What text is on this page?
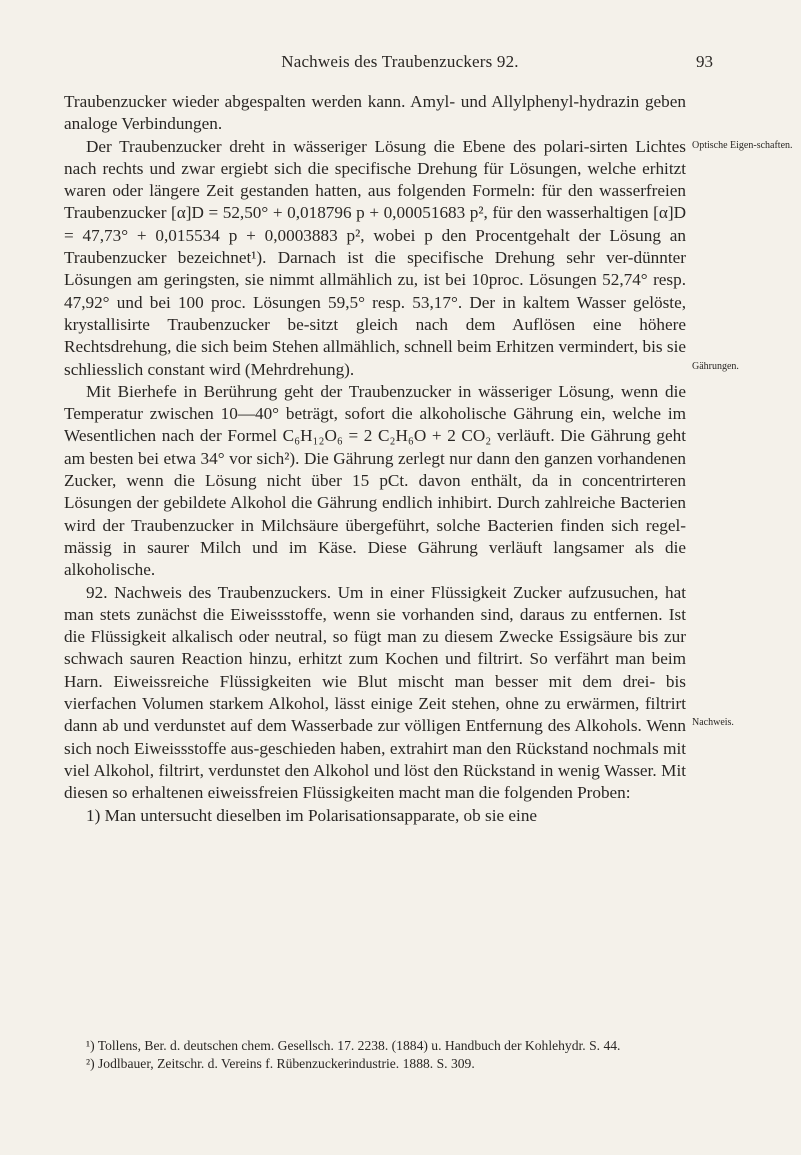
Nachweis des Traubenzuckers 92.	93
Optische Eigen-schaften.
Gährungen.
Nachweis.

Traubenzucker wieder abgespalten werden kann. Amyl- und Allylphenyl-hydrazin geben analoge Verbindungen.

Der Traubenzucker dreht in wässeriger Lösung die Ebene des polari-sirten Lichtes nach rechts und zwar ergiebt sich die specifische Drehung für Lösungen, welche erhitzt waren oder längere Zeit gestanden hatten, aus folgenden Formeln: für den wasserfreien Traubenzucker [α]D = 52,50° + 0,018796 p + 0,00051683 p², für den wasserhaltigen [α]D = 47,73° + 0,015534 p + 0,0003883 p², wobei p den Procentgehalt der Lösung an Traubenzucker bezeichnet¹). Darnach ist die specifische Drehung sehr ver-dünnter Lösungen am geringsten, sie nimmt allmählich zu, ist bei 10proc. Lösungen 52,74° resp. 47,92° und bei 100 proc. Lösungen 59,5° resp. 53,17°. Der in kaltem Wasser gelöste, krystallisirte Traubenzucker be-sitzt gleich nach dem Auflösen eine höhere Rechtsdrehung, die sich beim Stehen allmählich, schnell beim Erhitzen vermindert, bis sie schliesslich constant wird (Mehrdrehung).

Mit Bierhefe in Berührung geht der Traubenzucker in wässeriger Lösung, wenn die Temperatur zwischen 10—40° beträgt, sofort die alkoholische Gährung ein, welche im Wesentlichen nach der Formel C₆H₁₂O₆ = 2 C₂H₆O + 2 CO₂ verläuft. Die Gährung geht am besten bei etwa 34° vor sich²). Die Gährung zerlegt nur dann den ganzen vorhandenen Zucker, wenn die Lösung nicht über 15 pCt. davon enthält, da in concentrirteren Lösungen der gebildete Alkohol die Gährung endlich inhibirt. Durch zahlreiche Bacterien wird der Traubenzucker in Milchsäure übergeführt, solche Bacterien finden sich regel-mässig in saurer Milch und im Käse. Diese Gährung verläuft langsamer als die alkoholische.

92. Nachweis des Traubenzuckers. Um in einer Flüssigkeit Zucker aufzusuchen, hat man stets zunächst die Eiweissstoffe, wenn sie vorhanden sind, daraus zu entfernen. Ist die Flüssigkeit alkalisch oder neutral, so fügt man zu diesem Zwecke Essigsäure bis zur schwach sauren Reaction hinzu, erhitzt zum Kochen und filtrirt. So verfährt man beim Harn. Eiweissreiche Flüssigkeiten wie Blut mischt man besser mit dem drei- bis vierfachen Volumen starkem Alkohol, lässt einige Zeit stehen, ohne zu erwärmen, filtrirt dann ab und verdunstet auf dem Wasserbade zur völligen Entfernung des Alkohols. Wenn sich noch Eiweissstoffe aus-geschieden haben, extrahirt man den Rückstand nochmals mit viel Alkohol, filtrirt, verdunstet den Alkohol und löst den Rückstand in wenig Wasser. Mit diesen so erhaltenen eiweissfreien Flüssigkeiten macht man die folgenden Proben:

1) Man untersucht dieselben im Polarisationsapparate, ob sie eine

¹) Tollens, Ber. d. deutschen chem. Gesellsch. 17. 2238. (1884) u. Handbuch der Kohlehydr. S. 44.

²) Jodlbauer, Zeitschr. d. Vereins f. Rübenzuckerindustrie. 1888. S. 309.
